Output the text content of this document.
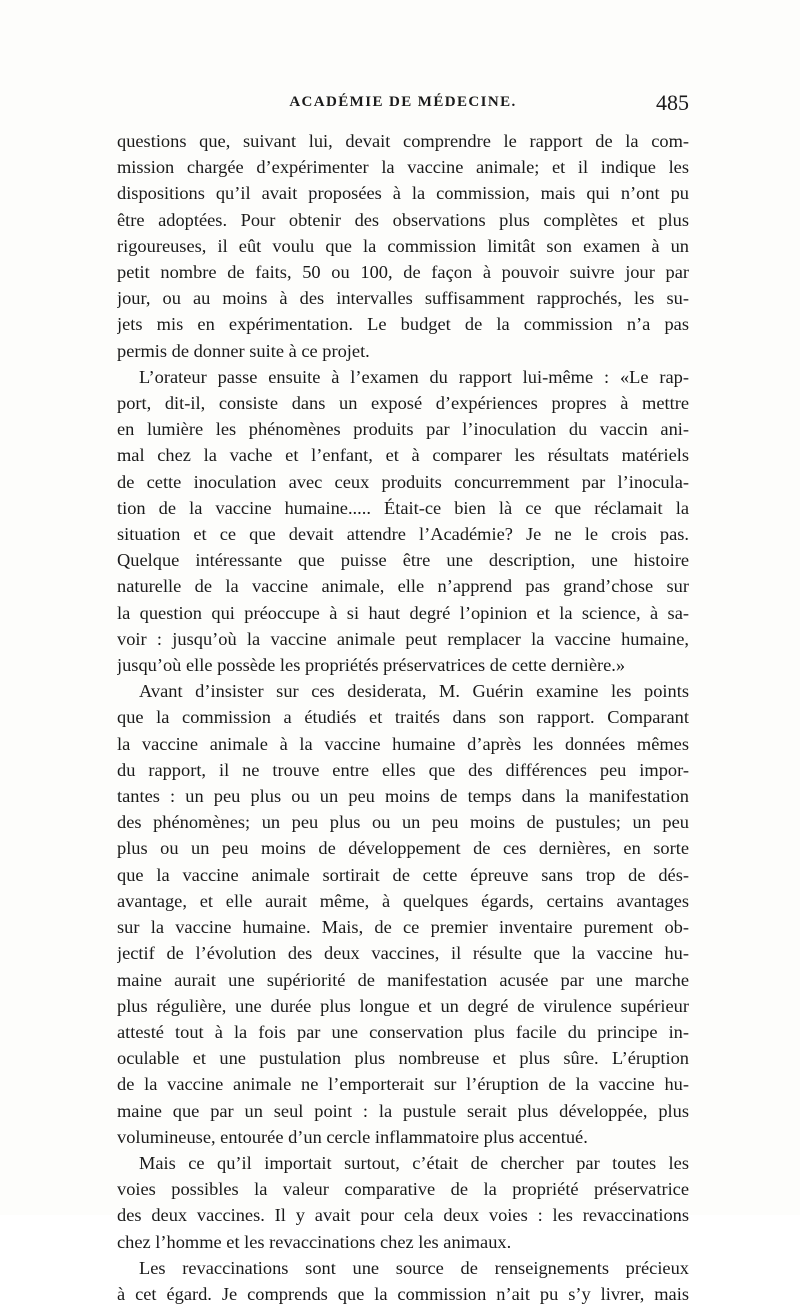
ACADÉMIE DE MÉDECINE.	485
questions que, suivant lui, devait comprendre le rapport de la com-
mission chargée d’expérimenter la vaccine animale; et il indique les
dispositions qu’il avait proposées à la commission, mais qui n’ont pu
être adoptées. Pour obtenir des observations plus complètes et plus
rigoureuses, il eût voulu que la commission limitât son examen à un
petit nombre de faits, 50 ou 100, de façon à pouvoir suivre jour par
jour, ou au moins à des intervalles suffisamment rapprochés, les su-
jets mis en expérimentation. Le budget de la commission n’a pas
permis de donner suite à ce projet.
L’orateur passe ensuite à l’examen du rapport lui-même : «Le rap-
port, dit-il, consiste dans un exposé d’expériences propres à mettre
en lumière les phénomènes produits par l’inoculation du vaccin ani-
mal chez la vache et l’enfant, et à comparer les résultats matériels
de cette inoculation avec ceux produits concurremment par l’inocula-
tion de la vaccine humaine..... Était-ce bien là ce que réclamait la
situation et ce que devait attendre l’Académie? Je ne le crois pas.
Quelque intéressante que puisse être une description, une histoire
naturelle de la vaccine animale, elle n’apprend pas grand’chose sur
la question qui préoccupe à si haut degré l’opinion et la science, à sa-
voir : jusqu’où la vaccine animale peut remplacer la vaccine humaine,
jusqu’où elle possède les propriétés préservatrices de cette dernière.»
Avant d’insister sur ces desiderata, M. Guérin examine les points
que la commission a étudiés et traités dans son rapport. Comparant
la vaccine animale à la vaccine humaine d’après les données mêmes
du rapport, il ne trouve entre elles que des différences peu impor-
tantes : un peu plus ou un peu moins de temps dans la manifestation
des phénomènes; un peu plus ou un peu moins de pustules; un peu
plus ou un peu moins de développement de ces dernières, en sorte
que la vaccine animale sortirait de cette épreuve sans trop de dés-
avantage, et elle aurait même, à quelques égards, certains avantages
sur la vaccine humaine. Mais, de ce premier inventaire purement ob-
jectif de l’évolution des deux vaccines, il résulte que la vaccine hu-
maine aurait une supériorité de manifestation acusée par une marche
plus régulière, une durée plus longue et un degré de virulence supérieur
attesté tout à la fois par une conservation plus facile du principe in-
oculable et une pustulation plus nombreuse et plus sûre. L’éruption
de la vaccine animale ne l’emporterait sur l’éruption de la vaccine hu-
maine que par un seul point : la pustule serait plus développée, plus
volumineuse, entourée d’un cercle inflammatoire plus accentué.
Mais ce qu’il importait surtout, c’était de chercher par toutes les
voies possibles la valeur comparative de la propriété préservatrice
des deux vaccines. Il y avait pour cela deux voies : les revaccinations
chez l’homme et les revaccinations chez les animaux.
Les revaccinations sont une source de renseignements précieux
à cet égard. Je comprends que la commission n’ait pu s’y livrer, mais
